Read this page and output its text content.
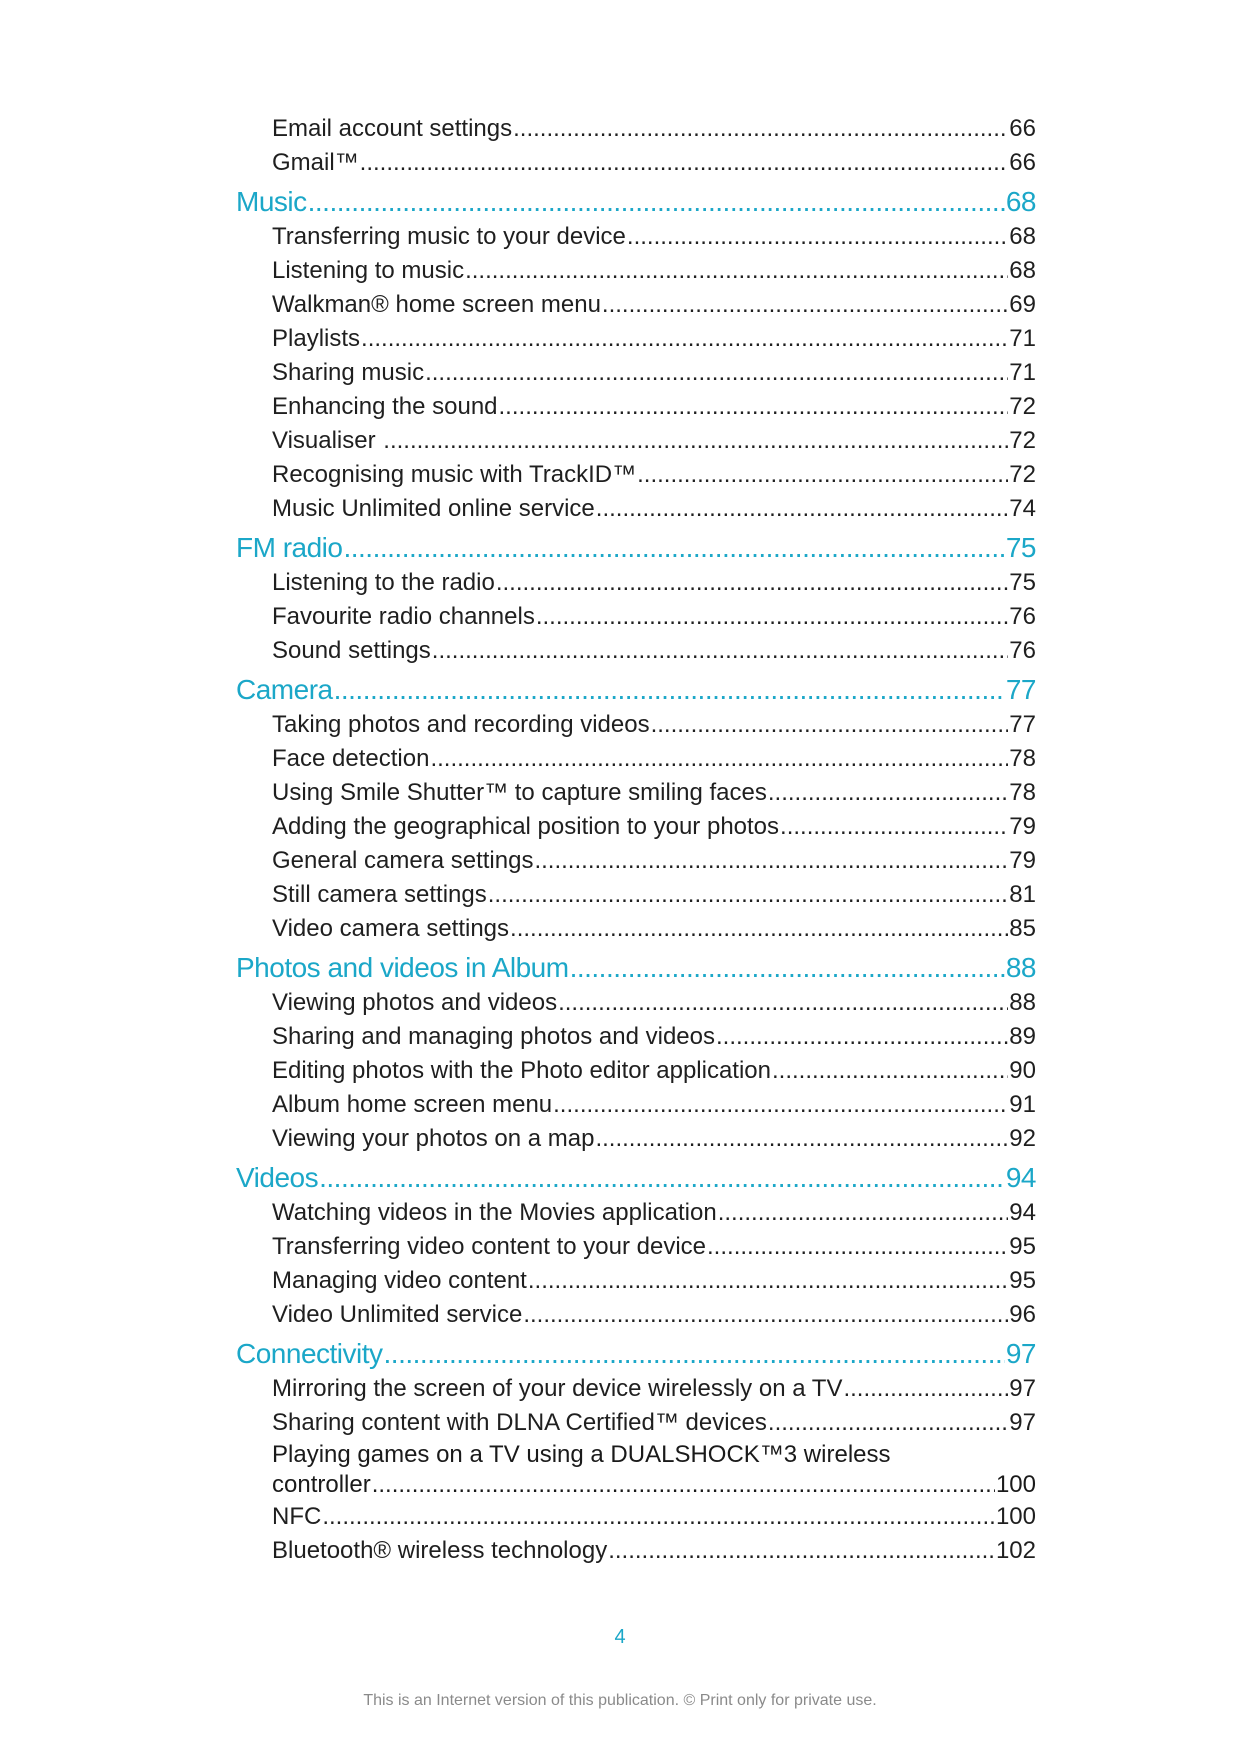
Email account settings .....	66
Gmail™ .....	66
Music .....	68
Transferring music to your device .....	68
Listening to music .....	68
Walkman® home screen menu .....	69
Playlists .....	71
Sharing music .....	71
Enhancing the sound .....	72
Visualiser .....	72
Recognising music with TrackID™ .....	72
Music Unlimited online service .....	74
FM radio .....	75
Listening to the radio .....	75
Favourite radio channels .....	76
Sound settings .....	76
Camera .....	77
Taking photos and recording videos .....	77
Face detection .....	78
Using Smile Shutter™ to capture smiling faces .....	78
Adding the geographical position to your photos .....	79
General camera settings .....	79
Still camera settings .....	81
Video camera settings .....	85
Photos and videos in Album .....	88
Viewing photos and videos .....	88
Sharing and managing photos and videos .....	89
Editing photos with the Photo editor application .....	90
Album home screen menu .....	91
Viewing your photos on a map .....	92
Videos .....	94
Watching videos in the Movies application .....	94
Transferring video content to your device .....	95
Managing video content .....	95
Video Unlimited service .....	96
Connectivity .....	97
Mirroring the screen of your device wirelessly on a TV .....	97
Sharing content with DLNA Certified™ devices .....	97
Playing games on a TV using a DUALSHOCK™3 wireless
controller .....	100
NFC .....	100
Bluetooth® wireless technology .....	102
4
This is an Internet version of this publication. © Print only for private use.
